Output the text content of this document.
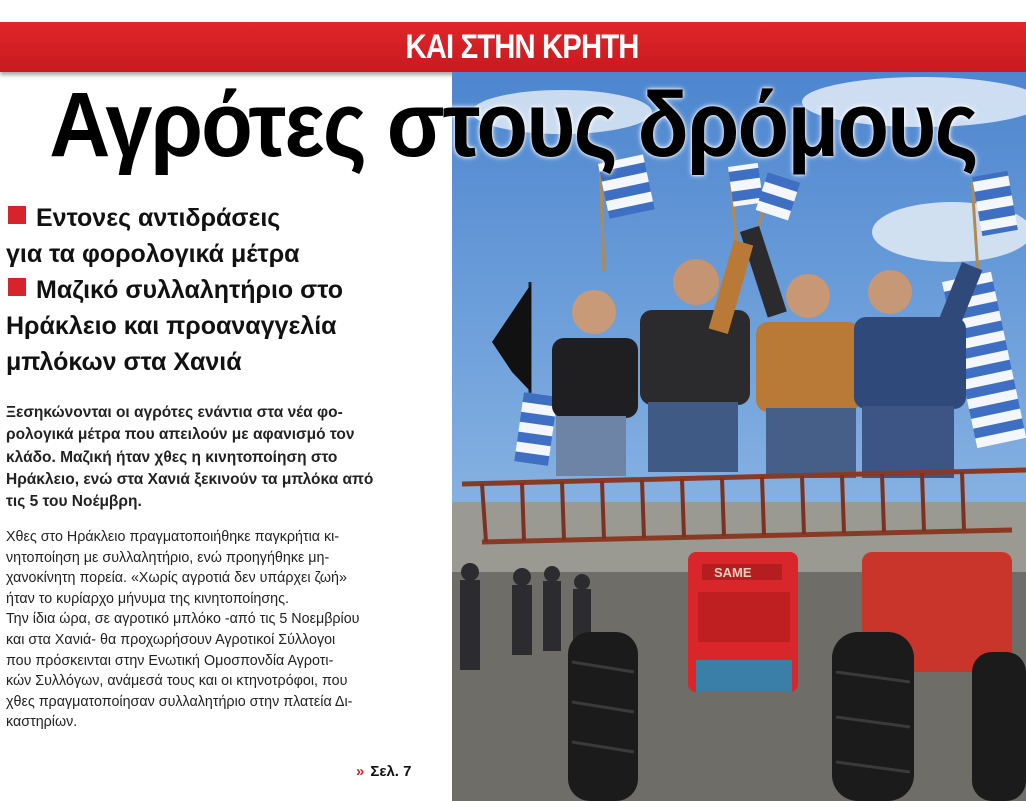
ΚΑΙ ΣΤΗΝ ΚΡΗΤΗ
SAME
Αγρότες στους δρόμους
Εντονες αντιδράσεις
για τα φορολογικά μέτρα
Μαζικό συλλαλητήριο στο
Ηράκλειο και προαναγγελία
μπλόκων στα Χανιά
Ξεσηκώνονται οι αγρότες ενάντια στα νέα φο-
ρολογικά μέτρα που απειλούν με αφανισμό τον
κλάδο. Μαζική ήταν χθες η κινητοποίηση στο
Ηράκλειο, ενώ στα Χανιά ξεκινούν τα μπλόκα από
τις 5 του Νοέμβρη.
Χθες στο Ηράκλειο πραγματοποιήθηκε παγκρήτια κι-
νητοποίηση με συλλαλητήριο, ενώ προηγήθηκε μη-
χανοκίνητη πορεία. «Χωρίς αγροτιά δεν υπάρχει ζωή»
ήταν το κυρίαρχο μήνυμα της κινητοποίησης.
Την ίδια ώρα, σε αγροτικό μπλόκο -από τις 5 Νοεμβρίου
και στα Χανιά- θα προχωρήσουν Αγροτικοί Σύλλογοι
που πρόσκεινται στην Ενωτική Ομοσπονδία Αγροτι-
κών Συλλόγων, ανάμεσά τους και οι κτηνοτρόφοι, που
χθες πραγματοποίησαν συλλαλητήριο στην πλατεία Δι-
καστηρίων.
» Σελ. 7
